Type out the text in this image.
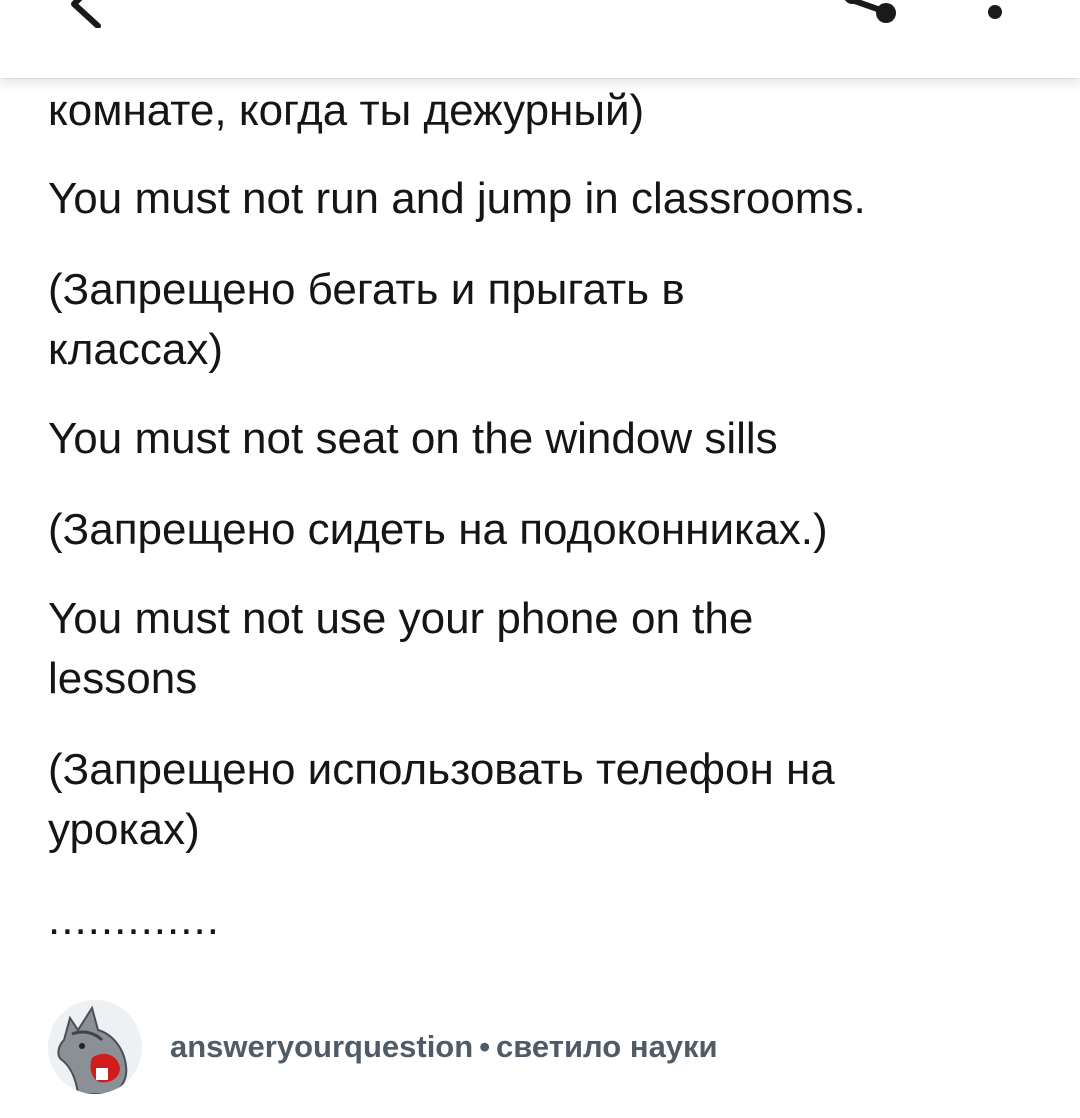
комнате, когда ты дежурный)

You must not run and jump in classrooms.

(Запрещено бегать и прыгать в

классах)

You must not seat on the window sills

(Запрещено сидеть на подоконниках.)

You must not use your phone on the

lessons

(Запрещено использовать телефон на

уроках)

.............
answeryourquestion • светило науки
